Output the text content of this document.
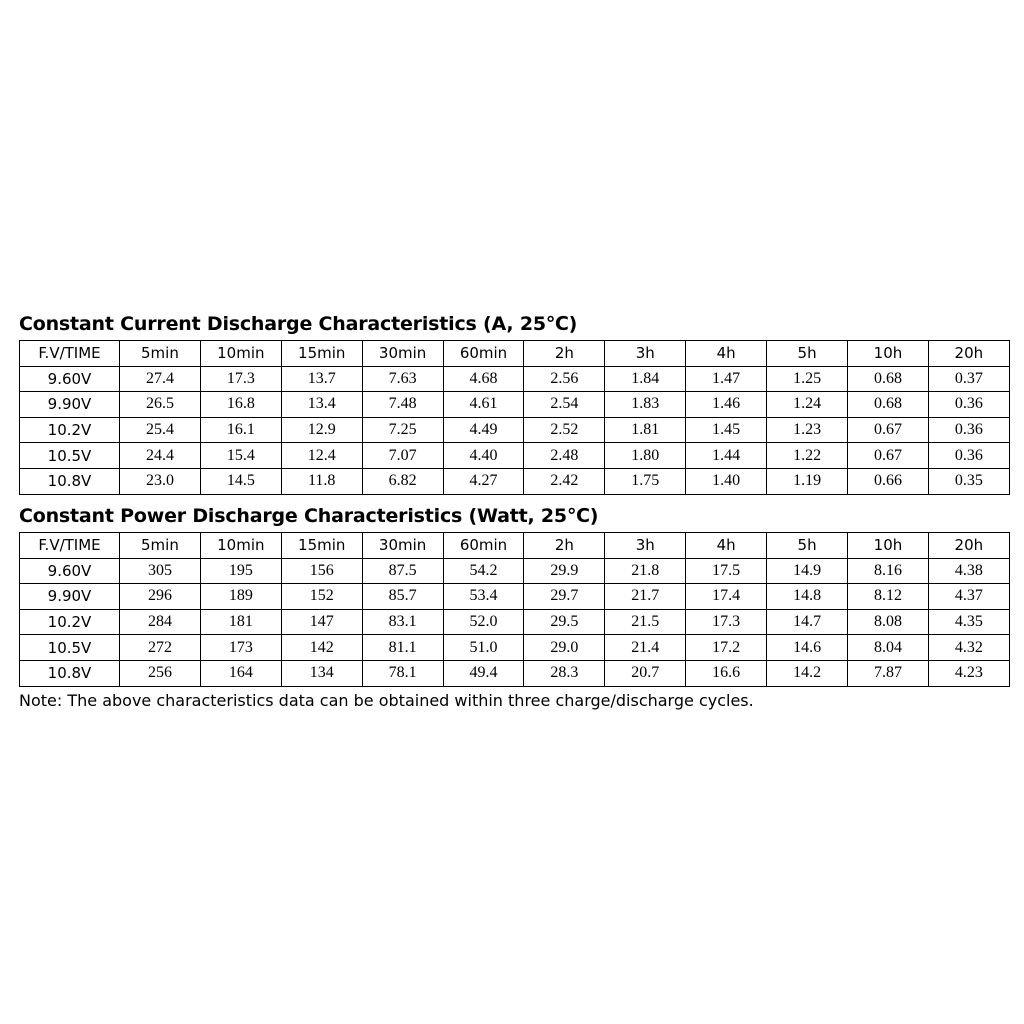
Constant Current Discharge Characteristics (A, 25℃)
F.V/TIME	5min	10min	15min	30min	60min	2h	3h	4h	5h	10h	20h
9.60V	27.4	17.3	13.7	7.63	4.68	2.56	1.84	1.47	1.25	0.68	0.37
9.90V	26.5	16.8	13.4	7.48	4.61	2.54	1.83	1.46	1.24	0.68	0.36
10.2V	25.4	16.1	12.9	7.25	4.49	2.52	1.81	1.45	1.23	0.67	0.36
10.5V	24.4	15.4	12.4	7.07	4.40	2.48	1.80	1.44	1.22	0.67	0.36
10.8V	23.0	14.5	11.8	6.82	4.27	2.42	1.75	1.40	1.19	0.66	0.35
Constant Power Discharge Characteristics (Watt, 25℃)
F.V/TIME	5min	10min	15min	30min	60min	2h	3h	4h	5h	10h	20h
9.60V	305	195	156	87.5	54.2	29.9	21.8	17.5	14.9	8.16	4.38
9.90V	296	189	152	85.7	53.4	29.7	21.7	17.4	14.8	8.12	4.37
10.2V	284	181	147	83.1	52.0	29.5	21.5	17.3	14.7	8.08	4.35
10.5V	272	173	142	81.1	51.0	29.0	21.4	17.2	14.6	8.04	4.32
10.8V	256	164	134	78.1	49.4	28.3	20.7	16.6	14.2	7.87	4.23

Note: The above characteristics data can be obtained within three charge/discharge cycles.
